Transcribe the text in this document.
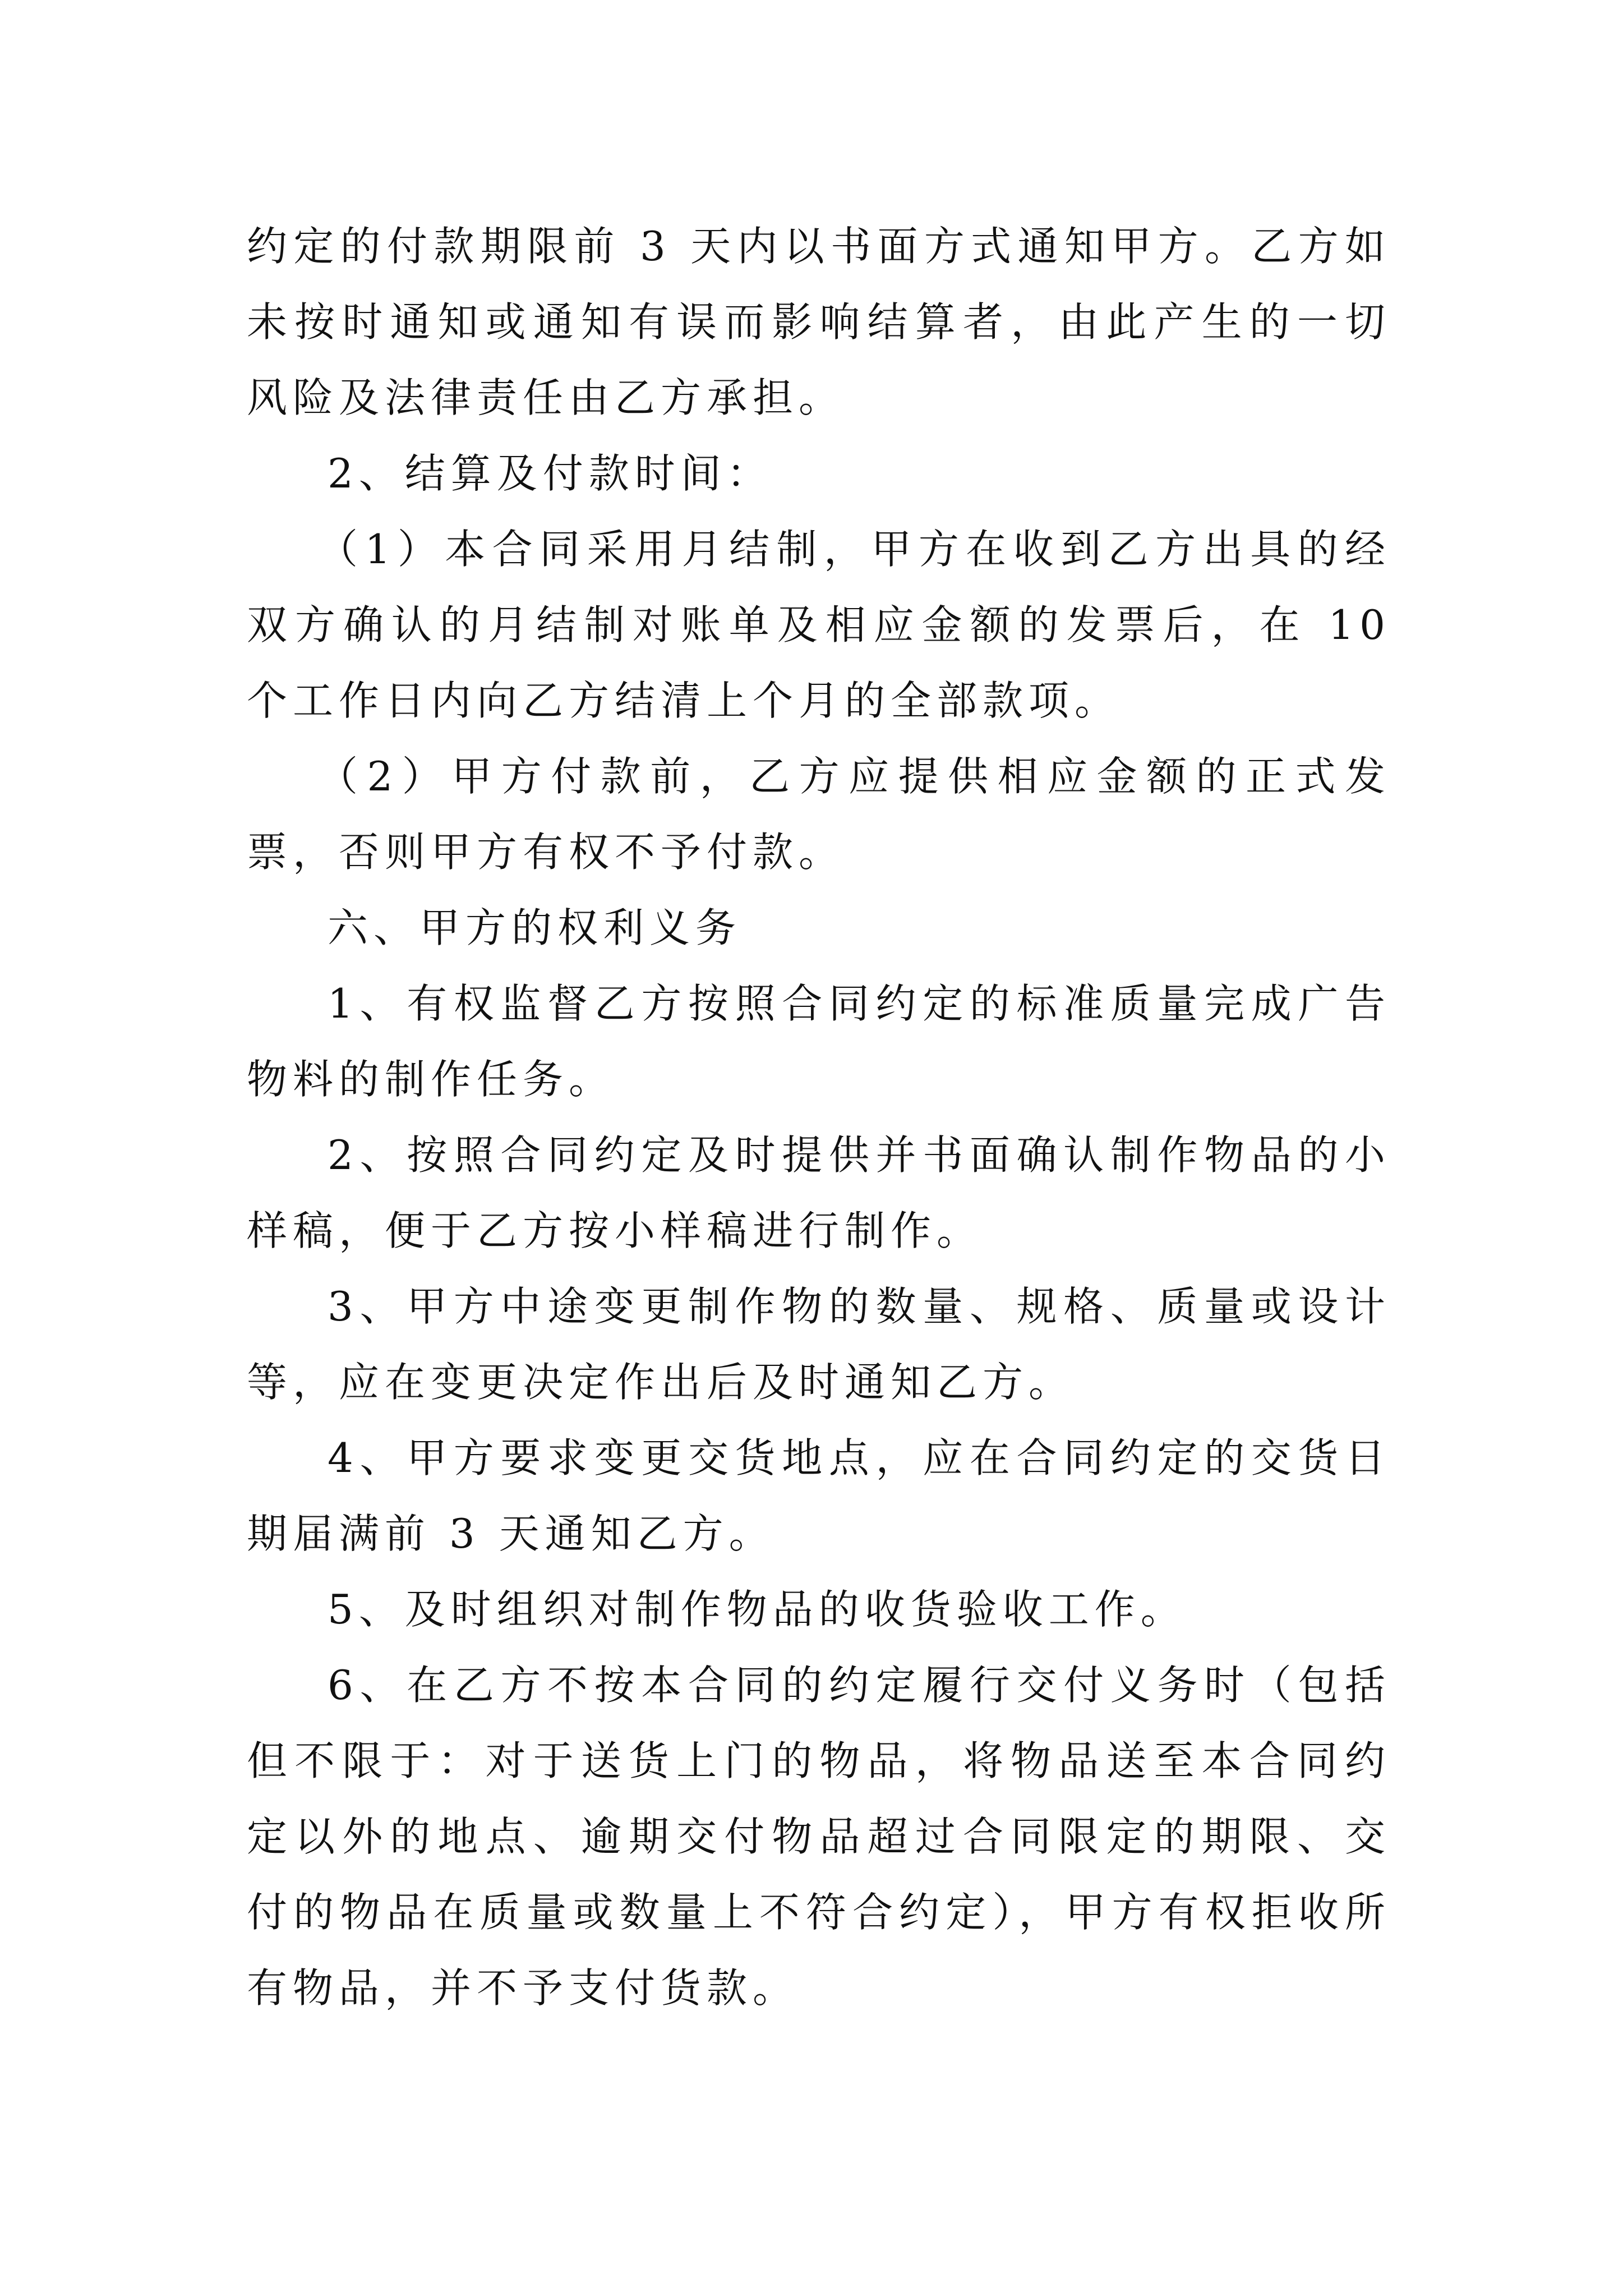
约定的付款期限前 3 天内以书面方式通知甲方。乙方如未按时通知或通知有误而影响结算者，由此产生的一切风险及法律责任由乙方承担。

2、结算及付款时间：

（1）本合同采用月结制，甲方在收到乙方出具的经双方确认的月结制对账单及相应金额的发票后，在 10 个工作日内向乙方结清上个月的全部款项。

（2）甲方付款前，乙方应提供相应金额的正式发票，否则甲方有权不予付款。

六、甲方的权利义务

1、有权监督乙方按照合同约定的标准质量完成广告物料的制作任务。

2、按照合同约定及时提供并书面确认制作物品的小样稿，便于乙方按小样稿进行制作。

3、甲方中途变更制作物的数量、规格、质量或设计等，应在变更决定作出后及时通知乙方。

4、甲方要求变更交货地点，应在合同约定的交货日期届满前 3 天通知乙方。

5、及时组织对制作物品的收货验收工作。

6、在乙方不按本合同的约定履行交付义务时（包括但不限于：对于送货上门的物品，将物品送至本合同约定以外的地点、逾期交付物品超过合同限定的期限、交付的物品在质量或数量上不符合约定），甲方有权拒收所有物品，并不予支付货款。
